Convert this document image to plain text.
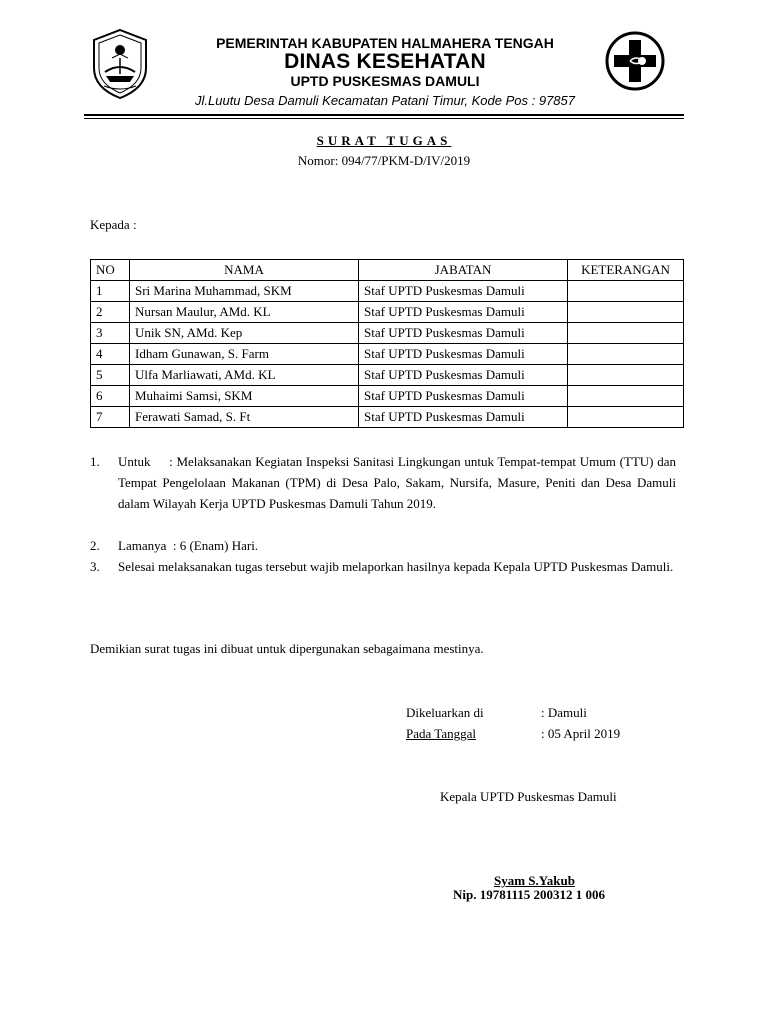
PEMERINTAH KABUPATEN HALMAHERA TENGAH
DINAS KESEHATAN
UPTD PUSKESMAS DAMULI
Jl.Luutu Desa Damuli Kecamatan Patani Timur, Kode Pos : 97857
SURAT TUGAS
Nomor: 094/77/PKM-D/IV/2019
Kepada :
NO	NAMA	JABATAN	KETERANGAN
1	Sri Marina Muhammad, SKM	Staf UPTD Puskesmas Damuli	
2	Nursan Maulur, AMd. KL	Staf UPTD Puskesmas Damuli	
3	Unik SN, AMd. Kep	Staf UPTD Puskesmas Damuli	
4	Idham Gunawan, S. Farm	Staf UPTD Puskesmas Damuli	
5	Ulfa Marliawati, AMd. KL	Staf UPTD Puskesmas Damuli	
6	Muhaimi Samsi, SKM	Staf UPTD Puskesmas Damuli	
7	Ferawati Samad, S. Ft	Staf UPTD Puskesmas Damuli	
1. Untuk     : Melaksanakan Kegiatan Inspeksi Sanitasi Lingkungan untuk Tempat-tempat Umum (TTU) dan Tempat Pengelolaan Makanan (TPM) di Desa Palo, Sakam, Nursifa, Masure, Peniti dan Desa Damuli dalam Wilayah Kerja UPTD Puskesmas Damuli Tahun 2019.
2. Lamanya  : 6 (Enam) Hari.
3. Selesai melaksanakan tugas tersebut wajib melaporkan hasilnya kepada Kepala UPTD Puskesmas Damuli.
Demikian surat tugas ini dibuat untuk dipergunakan sebagaimana mestinya.
Dikeluarkan di	: Damuli
Pada Tanggal	: 05 April 2019
Kepala UPTD Puskesmas Damuli
Syam S.Yakub
Nip. 19781115 200312 1 006
